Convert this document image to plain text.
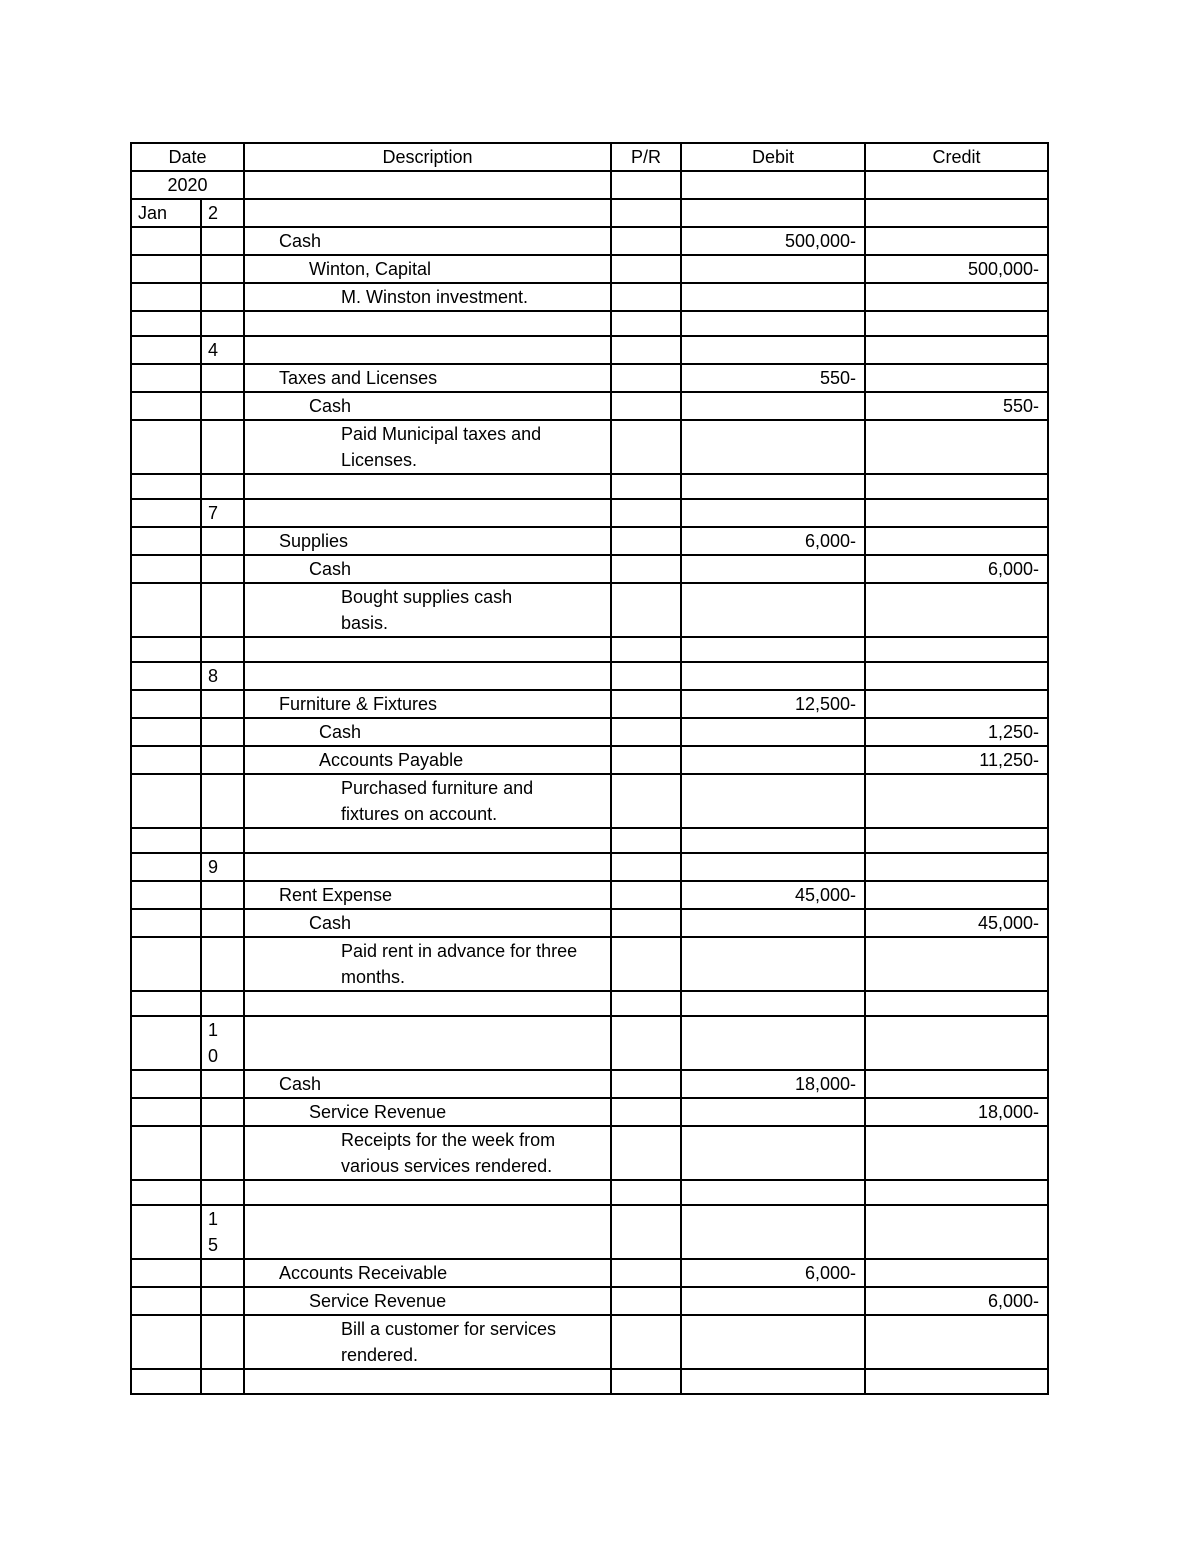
Date		Description	P/R	Debit	Credit
2020					
Jan	2				
		Cash		500,000-	
		Winton, Capital			500,000-
		M. Winston investment.			

	4				
		Taxes and Licenses		550-	
		Cash			550-

		Paid Municipal taxes and
Licenses.			

	7				
		Supplies		6,000-	
		Cash			6,000-

		Bought supplies cash
basis.			

	8				
		Furniture & Fixtures		12,500-	
		Cash			1,250-
		Accounts Payable			11,250-

		Purchased furniture and
fixtures on account.			

	9				
		Rent Expense		45,000-	
		Cash			45,000-

		Paid rent in advance for three
months.			

	1
0				

		Cash		18,000-	
		Service Revenue			18,000-

		Receipts for the week from
various services rendered.			

	1
5				

		Accounts Receivable		6,000-	
		Service Revenue			6,000-

		Bill a customer for services
rendered.			
